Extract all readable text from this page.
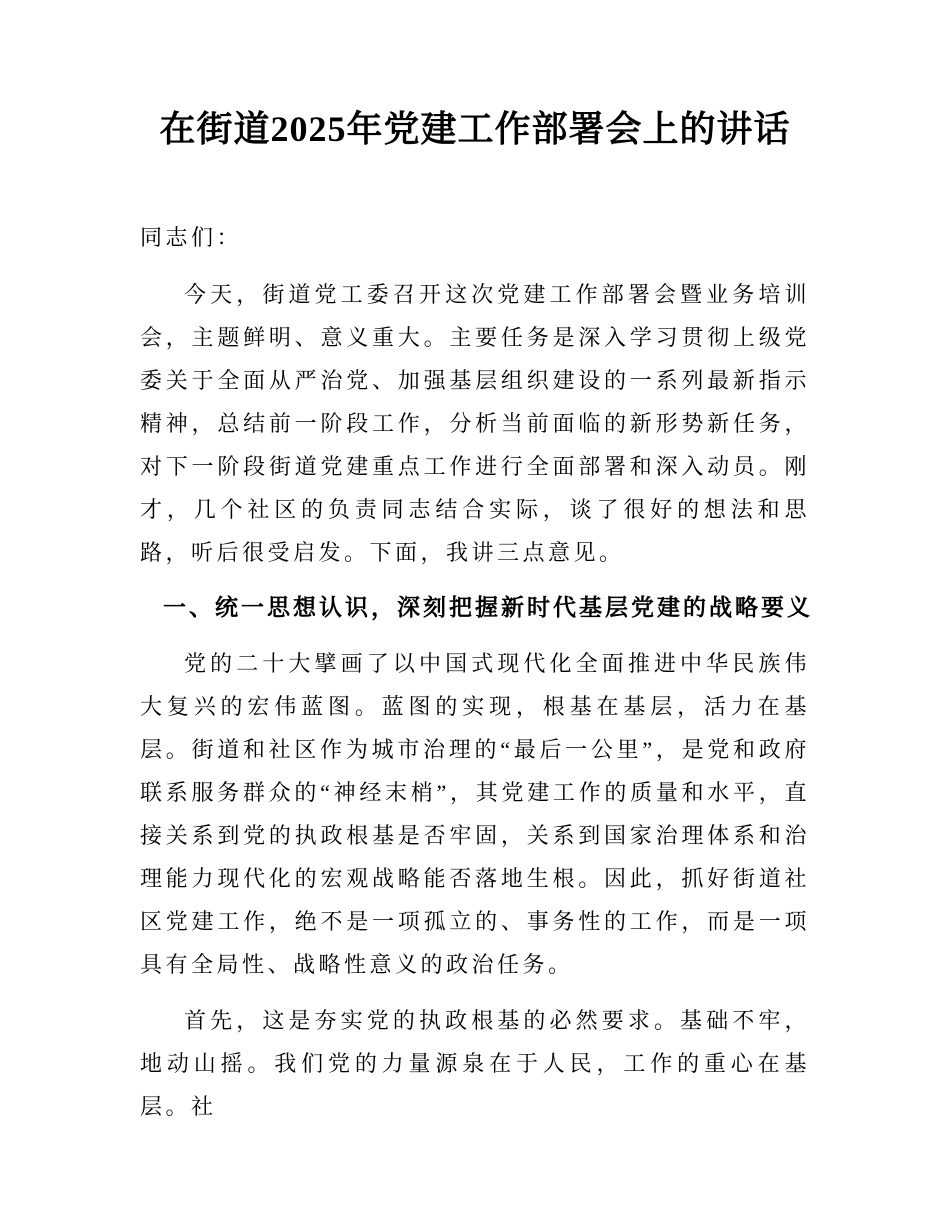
在街道2025年党建工作部署会上的讲话

同志们：

今天，街道党工委召开这次党建工作部署会暨业务培训会，主题鲜明、意义重大。主要任务是深入学习贯彻上级党委关于全面从严治党、加强基层组织建设的一系列最新指示精神，总结前一阶段工作，分析当前面临的新形势新任务，对下一阶段街道党建重点工作进行全面部署和深入动员。刚才，几个社区的负责同志结合实际，谈了很好的想法和思路，听后很受启发。下面，我讲三点意见。

一、统一思想认识，深刻把握新时代基层党建的战略要义

党的二十大擘画了以中国式现代化全面推进中华民族伟大复兴的宏伟蓝图。蓝图的实现，根基在基层，活力在基层。街道和社区作为城市治理的“最后一公里”，是党和政府联系服务群众的“神经末梢”，其党建工作的质量和水平，直接关系到党的执政根基是否牢固，关系到国家治理体系和治理能力现代化的宏观战略能否落地生根。因此，抓好街道社区党建工作，绝不是一项孤立的、事务性的工作，而是一项具有全局性、战略性意义的政治任务。

首先，这是夯实党的执政根基的必然要求。基础不牢，地动山摇。我们党的力量源泉在于人民，工作的重心在基层。社
